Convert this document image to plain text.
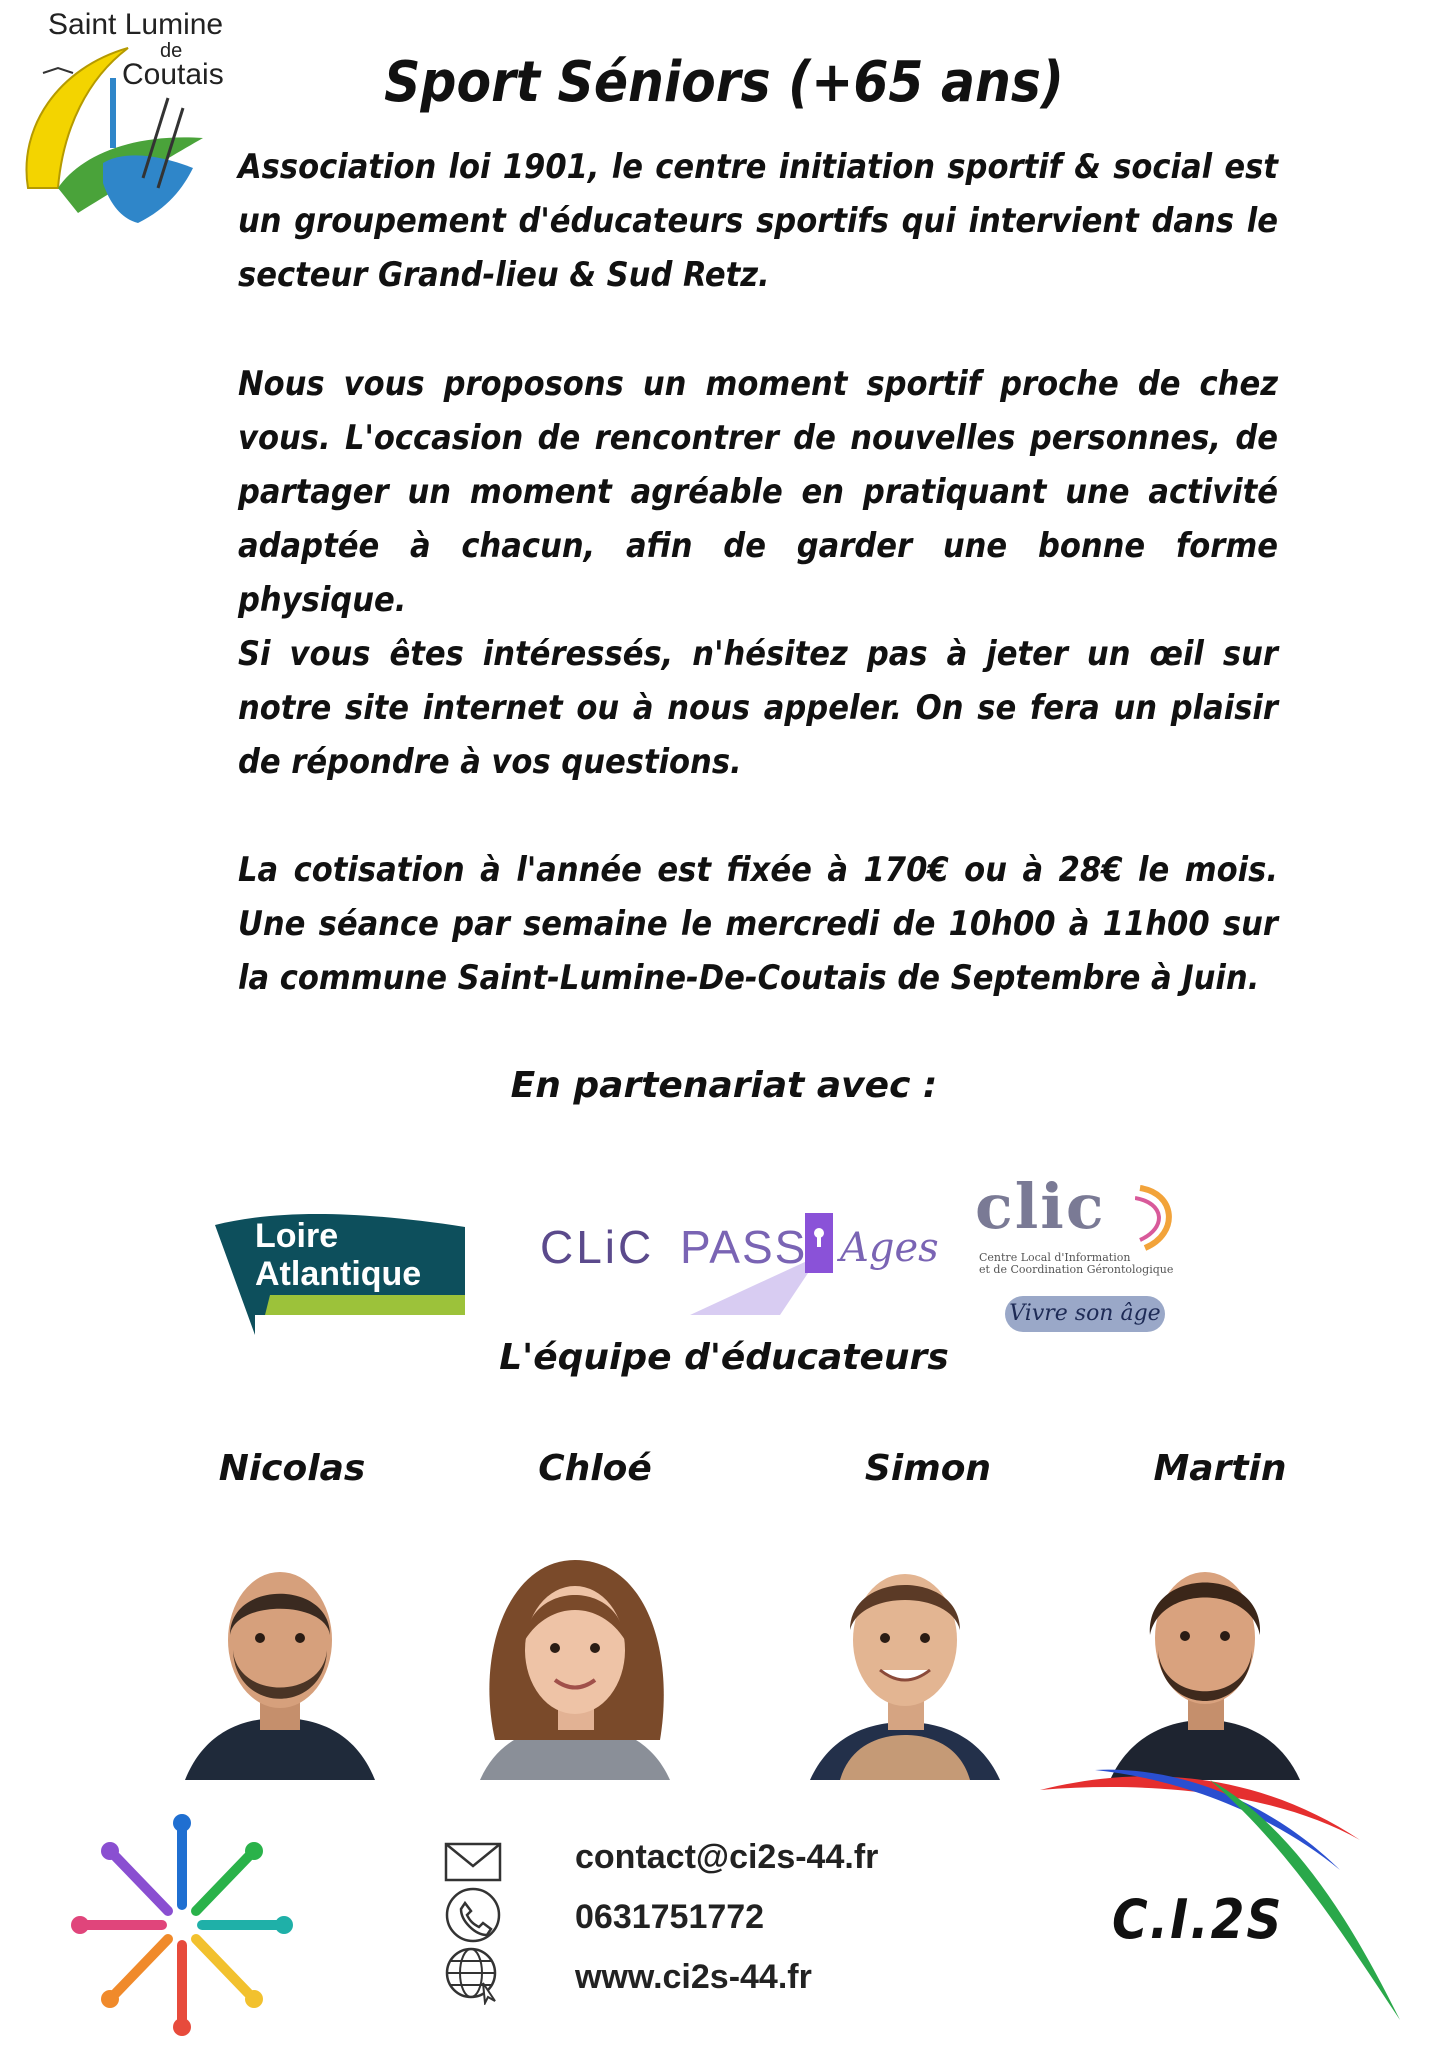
Saint Lumine
de
Coutais	Sport Séniors (+65 ans)

Association loi 1901, le centre initiation sportif & social est un groupement d'éducateurs sportifs qui intervient dans le secteur Grand-lieu & Sud Retz.

Nous vous proposons un moment sportif proche de chez vous. L'occasion de rencontrer de nouvelles personnes, de partager un moment agréable en pratiquant une activité adaptée à chacun, afin de garder une bonne forme physique.

Si vous êtes intéressés, n'hésitez pas à jeter un œil sur notre site internet ou à nous appeler. On se fera un plaisir de répondre à vos questions.

La cotisation à l'année est fixée à 170€ ou à 28€ le mois. Une séance par semaine le mercredi de 10h00 à 11h00 sur la commune Saint-Lumine-De-Coutais de Septembre à Juin.

En partenariat avec :
Loire
Atlantique
CLiC PASS Ages
clic
Centre Local d'Information
et de Coordination Gérontologique
Vivre son âge
L'équipe d'éducateurs
Nicolas	Chloé	Simon	Martin
contact@ci2s-44.fr
0631751772
www.ci2s-44.fr
C.I.2S
